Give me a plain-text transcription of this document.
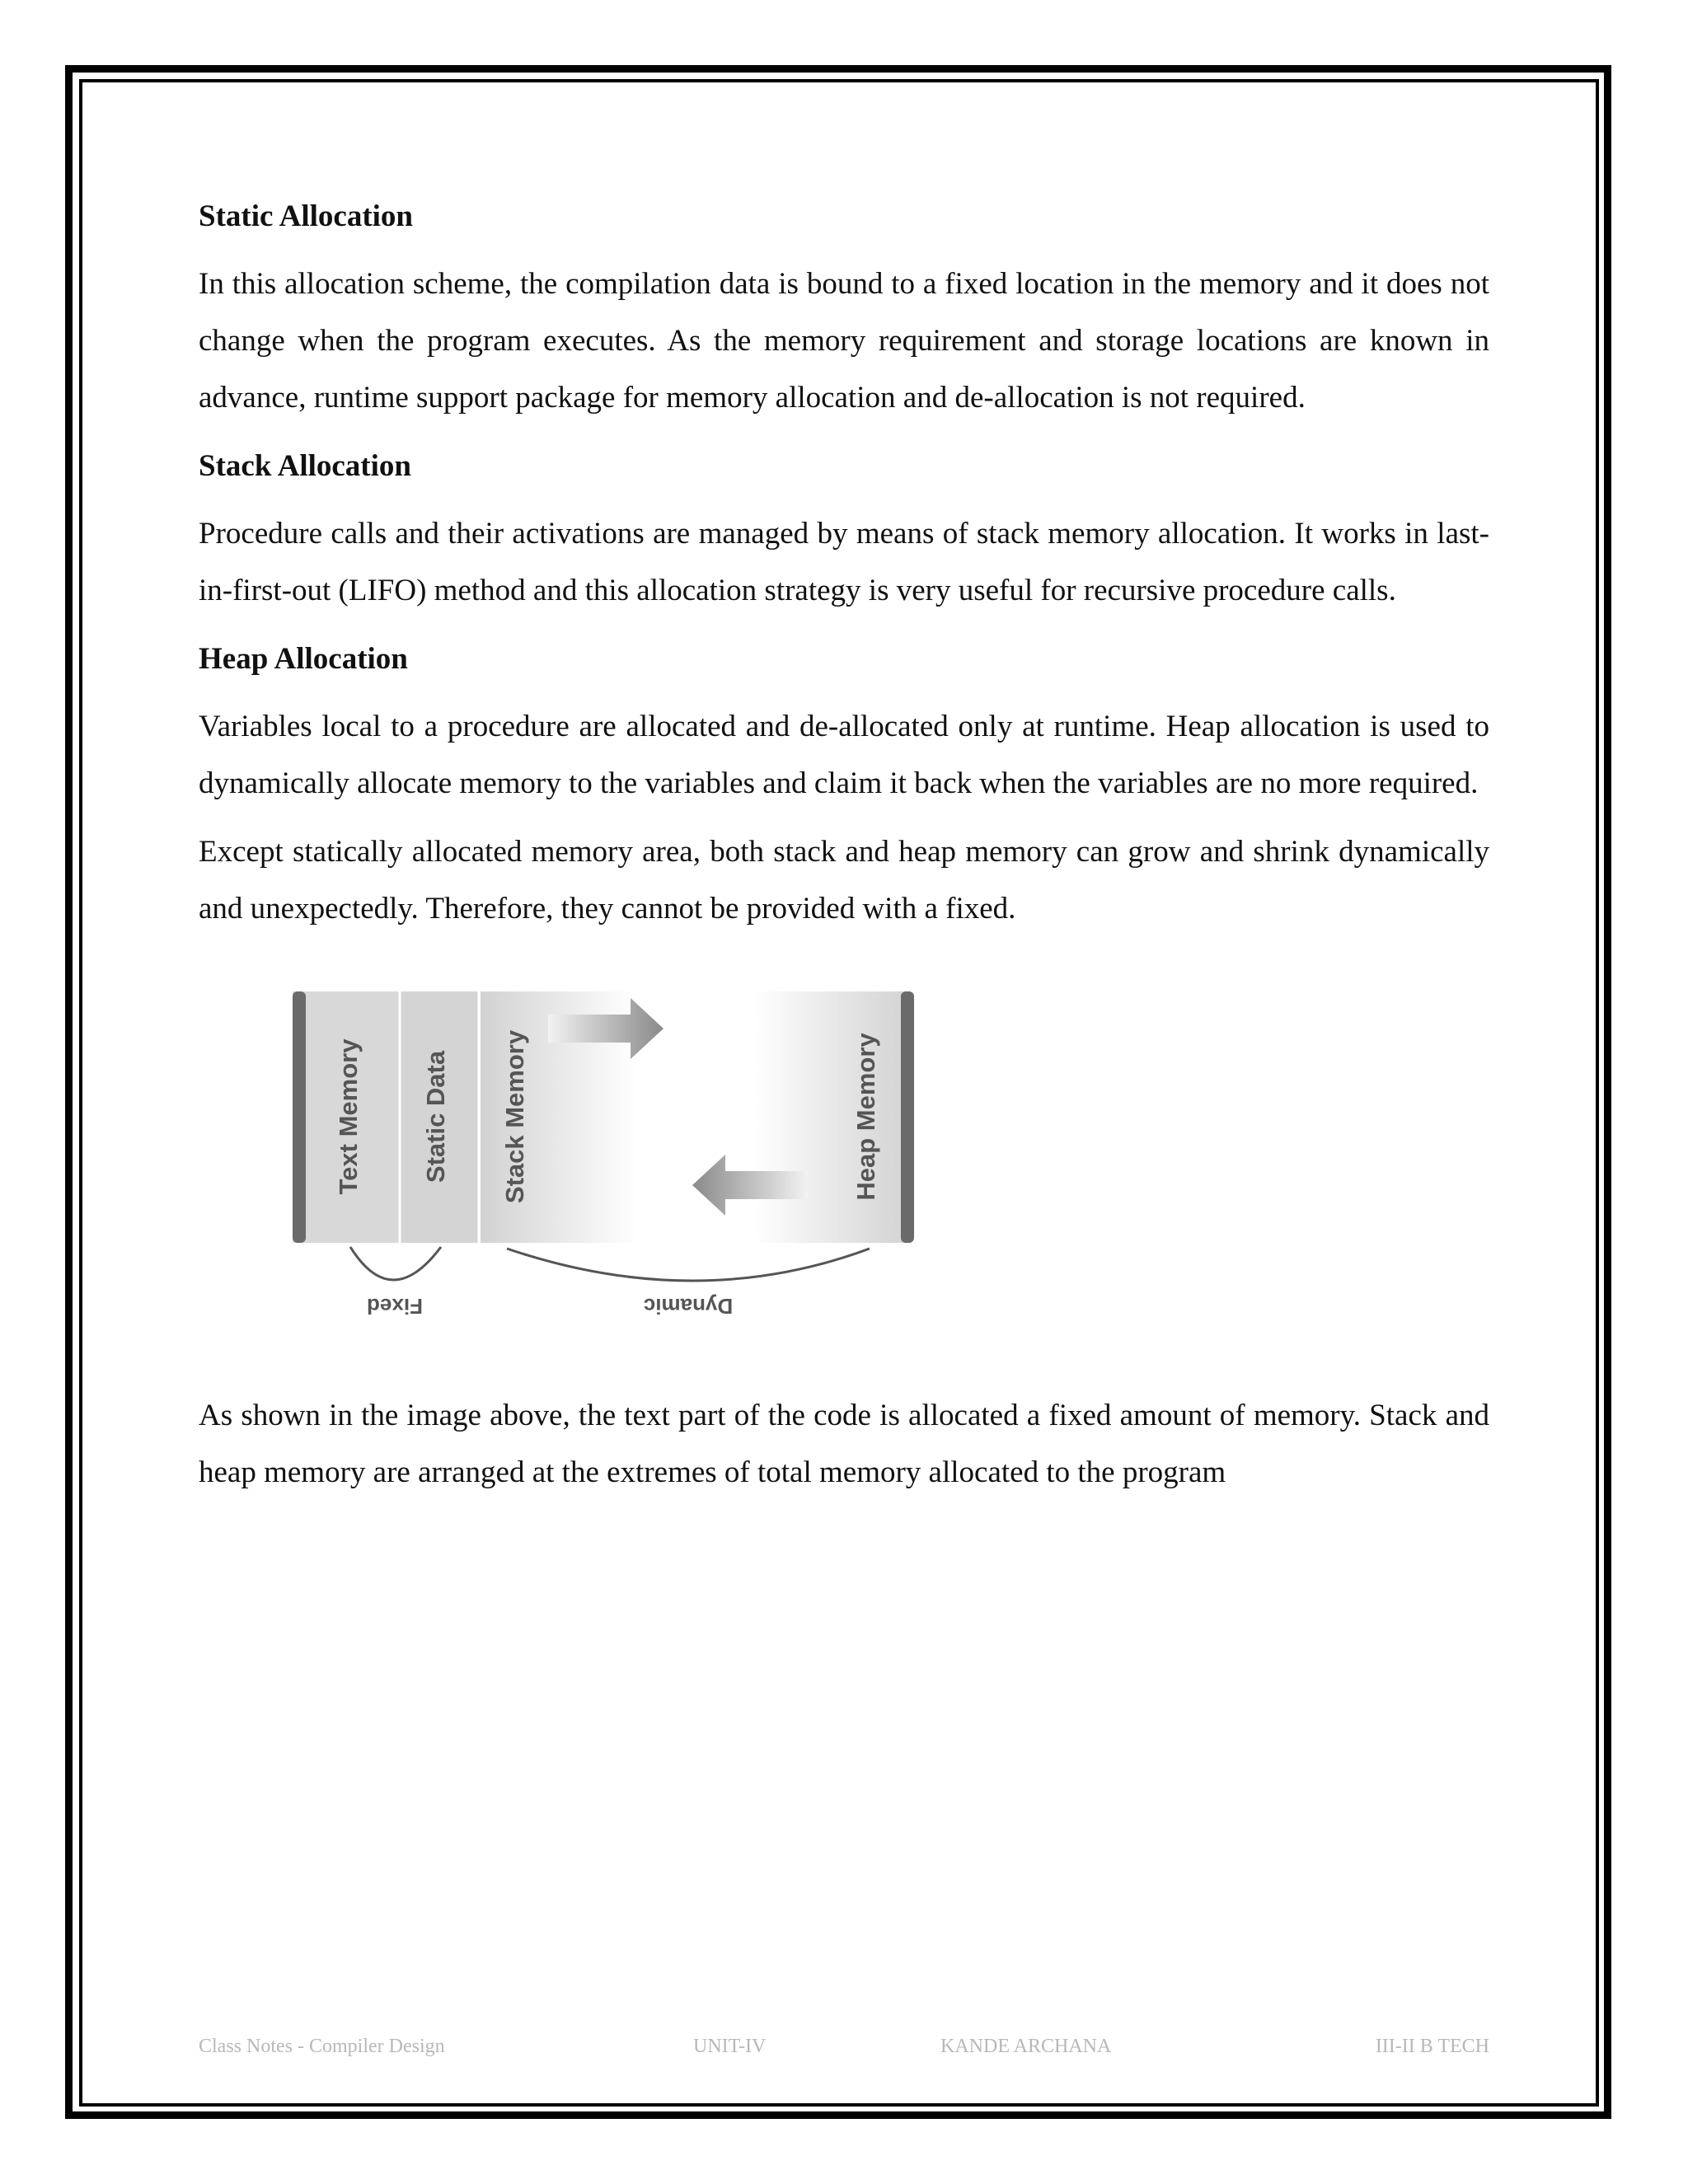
Static Allocation

In this allocation scheme, the compilation data is bound to a fixed location in the memory and it does not change when the program executes. As the memory requirement and storage locations are known in advance, runtime support package for memory allocation and de-allocation is not required.

Stack Allocation

Procedure calls and their activations are managed by means of stack memory allocation. It works in last-in-first-out (LIFO) method and this allocation strategy is very useful for recursive procedure calls.

Heap Allocation

Variables local to a procedure are allocated and de-allocated only at runtime. Heap allocation is used to dynamically allocate memory to the variables and claim it back when the variables are no more required.

Except statically allocated memory area, both stack and heap memory can grow and shrink dynamically and unexpectedly. Therefore, they cannot be provided with a fixed.

Text Memory Static Data Stack Memory	Heap Memory
Fixed	Dynamic

As shown in the image above, the text part of the code is allocated a fixed amount of memory. Stack and heap memory are arranged at the extremes of total memory allocated to the program

Class Notes - Compiler Design	UNIT-IV	KANDE ARCHANA	III-II B TECH
